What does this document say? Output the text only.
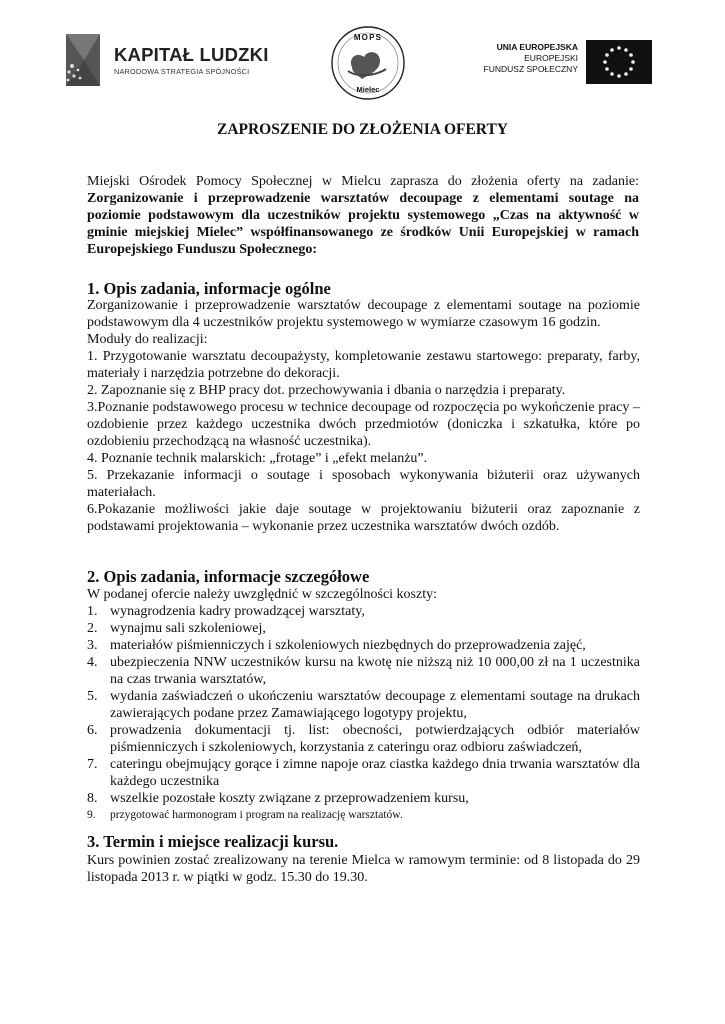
KAPITAŁ LUDZKI
NARODOWA STRATEGIA SPÓJNOŚCI
MOPS
Mielec
UNIA EUROPEJSKA
EUROPEJSKI
FUNDUSZ SPOŁECZNY
ZAPROSZENIE DO ZŁOŻENIA OFERTY
Miejski Ośrodek Pomocy Społecznej w Mielcu zaprasza do złożenia oferty na zadanie: Zorganizowanie i przeprowadzenie warsztatów decoupage z elementami soutage na poziomie podstawowym dla uczestników projektu systemowego „Czas na aktywność w gminie miejskiej Mielec” współfinansowanego ze środków Unii Europejskiej w ramach Europejskiego Funduszu Społecznego:
1. Opis zadania, informacje ogólne
Zorganizowanie i przeprowadzenie warsztatów decoupage z elementami soutage na poziomie podstawowym dla 4 uczestników projektu systemowego w wymiarze czasowym 16 godzin.
Moduły do realizacji:
1. Przygotowanie warsztatu decoupażysty, kompletowanie zestawu startowego: preparaty, farby, materiały i narzędzia potrzebne do dekoracji.
2. Zapoznanie się z BHP pracy dot. przechowywania i dbania o narzędzia i preparaty.
3.Poznanie podstawowego procesu w technice decoupage od rozpoczęcia po wykończenie pracy – ozdobienie przez każdego uczestnika dwóch przedmiotów (doniczka i szkatułka, które po ozdobieniu przechodzącą na własność uczestnika).
4. Poznanie technik malarskich: „frotage” i „efekt melanżu”.
5. Przekazanie informacji o soutage i sposobach wykonywania biżuterii oraz używanych materiałach.
6.Pokazanie możliwości jakie daje soutage w projektowaniu biżuterii oraz zapoznanie z podstawami projektowania – wykonanie przez uczestnika warsztatów dwóch ozdób.
2. Opis zadania, informacje szczegółowe
W podanej ofercie należy uwzględnić w szczególności koszty:
1. wynagrodzenia kadry prowadzącej warsztaty,
2. wynajmu sali szkoleniowej,
3. materiałów piśmienniczych i szkoleniowych niezbędnych do przeprowadzenia zajęć,
4. ubezpieczenia NNW uczestników kursu na kwotę nie niższą niż 10 000,00 zł na 1 uczestnika na czas trwania warsztatów,
5. wydania zaświadczeń o ukończeniu warsztatów decoupage z elementami soutage na drukach zawierających podane przez Zamawiającego logotypy projektu,
6. prowadzenia dokumentacji tj. list: obecności, potwierdzających odbiór materiałów piśmienniczych i szkoleniowych, korzystania z cateringu oraz odbioru zaświadczeń,
7. cateringu obejmujący gorące i zimne napoje oraz ciastka każdego dnia trwania warsztatów dla każdego uczestnika
8. wszelkie pozostałe koszty związane z przeprowadzeniem kursu,
9. przygotować harmonogram i program na realizację warsztatów.
3. Termin i miejsce realizacji kursu.
Kurs powinien zostać zrealizowany na terenie Mielca w ramowym terminie: od 8 listopada do 29 listopada 2013 r. w piątki w godz. 15.30 do 19.30.
